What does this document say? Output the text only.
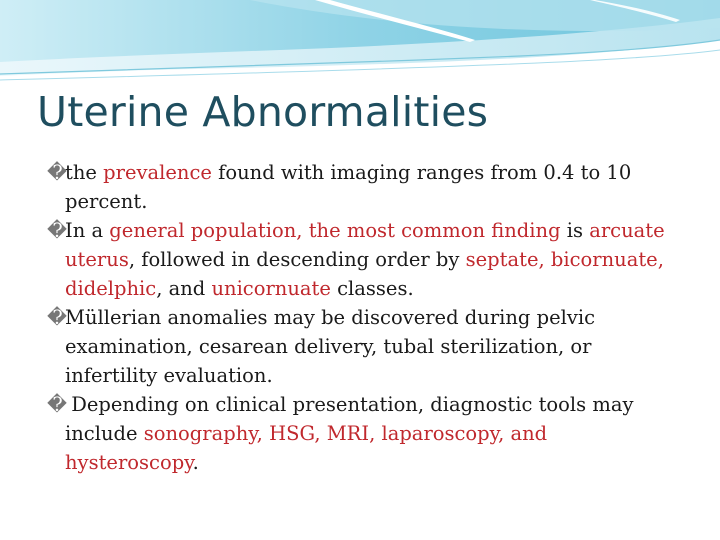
Uterine Abnormalities

�the prevalence found with imaging ranges from 0.4 to 10 percent.

�In a general population, the most common finding is arcuate uterus, followed in descending order by septate, bicornuate, didelphic, and unicornuate classes.

�Müllerian anomalies may be discovered during pelvic examination, cesarean delivery, tubal sterilization, or infertility evaluation.

� Depending on clinical presentation, diagnostic tools may include sonography, HSG, MRI, laparoscopy, and hysteroscopy.
